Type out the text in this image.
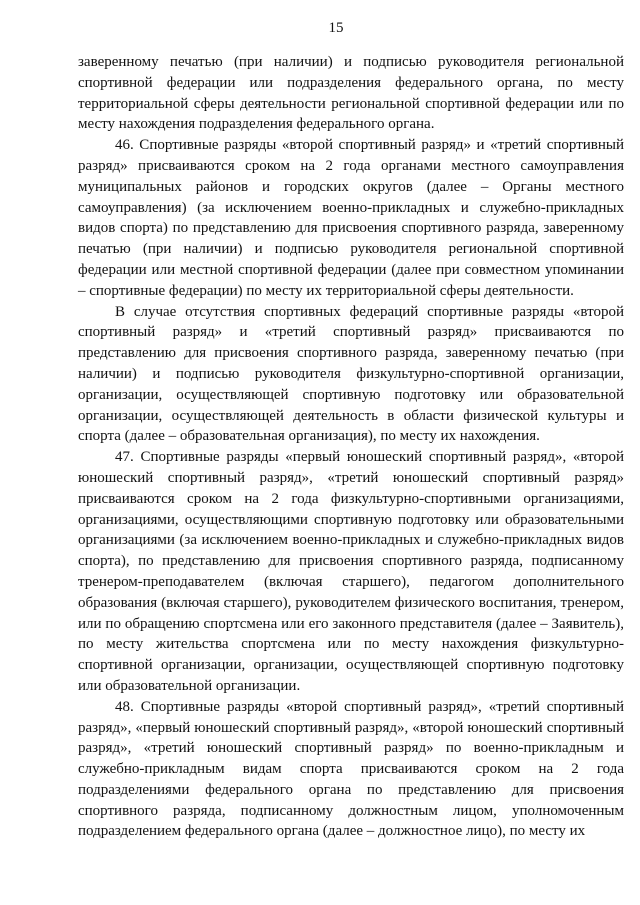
15

заверенному печатью (при наличии) и подписью руководителя региональной спортивной федерации или подразделения федерального органа, по месту территориальной сферы деятельности региональной спортивной федерации или по месту нахождения подразделения федерального органа.

46. Спортивные разряды «второй спортивный разряд» и «третий спортивный разряд» присваиваются сроком на 2 года органами местного самоуправления муниципальных районов и городских округов (далее – Органы местного самоуправления) (за исключением военно-прикладных и служебно-прикладных видов спорта) по представлению для присвоения спортивного разряда, заверенному печатью (при наличии) и подписью руководителя региональной спортивной федерации или местной спортивной федерации (далее при совместном упоминании – спортивные федерации) по месту их территориальной сферы деятельности.

В случае отсутствия спортивных федераций спортивные разряды «второй спортивный разряд» и «третий спортивный разряд» присваиваются по представлению для присвоения спортивного разряда, заверенному печатью (при наличии) и подписью руководителя физкультурно-спортивной организации, организации, осуществляющей спортивную подготовку или образовательной организации, осуществляющей деятельность в области физической культуры и спорта (далее – образовательная организация), по месту их нахождения.

47. Спортивные разряды «первый юношеский спортивный разряд», «второй юношеский спортивный разряд», «третий юношеский спортивный разряд» присваиваются сроком на 2 года физкультурно-спортивными организациями, организациями, осуществляющими спортивную подготовку или образовательными организациями (за исключением военно-прикладных и служебно-прикладных видов спорта), по представлению для присвоения спортивного разряда, подписанному тренером-преподавателем (включая старшего), педагогом дополнительного образования (включая старшего), руководителем физического воспитания, тренером, или по обращению спортсмена или его законного представителя (далее – Заявитель), по месту жительства спортсмена или по месту нахождения физкультурно-спортивной организации, организации, осуществляющей спортивную подготовку или образовательной организации.

48. Спортивные разряды «второй спортивный разряд», «третий спортивный разряд», «первый юношеский спортивный разряд», «второй юношеский спортивный разряд», «третий юношеский спортивный разряд» по военно-прикладным и служебно-прикладным видам спорта присваиваются сроком на 2 года подразделениями федерального органа по представлению для присвоения спортивного разряда, подписанному должностным лицом, уполномоченным подразделением федерального органа (далее – должностное лицо), по месту их
